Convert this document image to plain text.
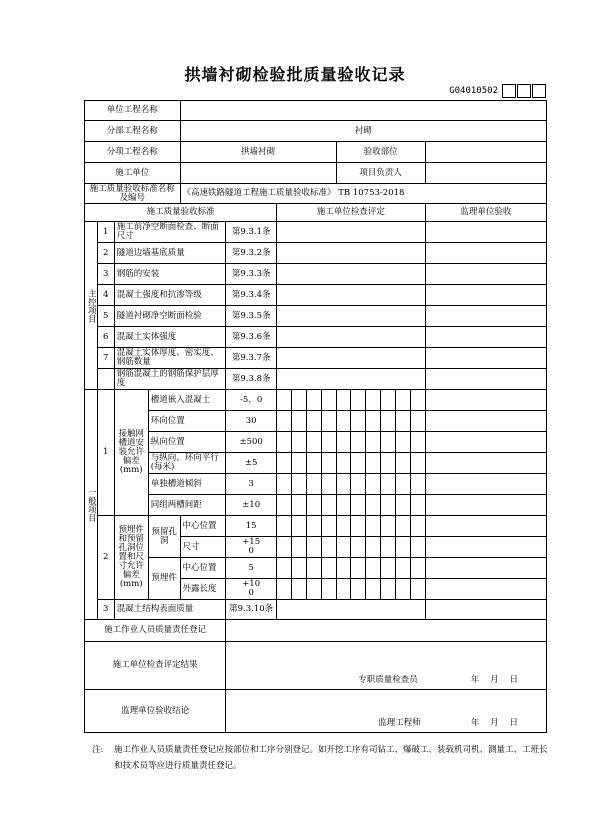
拱墙衬砌检验批质量验收记录
G04010502
单位工程名称																
分部工程名称				衬砌												
分项工程名称				拱墙衬砌						验收部位						
施工单位										项目负责人						
施工质量验收标准名称及编号				《高速铁路隧道工程施工质量验收标准》 TB 10753-2018												
施工质量验收标准						施工单位检查评定										监理单位验收
主控项目	1	施工前净空断面检查、断面尺寸			第9.3.1条											
	2	隧道边墙基底质量			第9.3.2条											
	3	钢筋的安装			第9.3.3条											
	4	混凝土强度和抗渗等级			第9.3.4条											
	5	隧道衬砌净空断面检验			第9.3.5条											
	6	混凝土实体强度			第9.3.6条											
	7	混凝土实体厚度、密实度、钢筋数量			第9.3.7条											
		钢筋混凝土的钢筋保护层厚度			第9.3.8条											
一般项目	1	接触网槽道安装允许偏差(mm)	槽道嵌入混凝土		-5，0											
			环向位置		30											
			纵向位置		±500											
			与纵向、环向平行(每米)		±5											
			单独槽道倾斜		3											
			同组两槽间距		±10											
	2	预埋件和预留孔洞位置和尺寸允许偏差(mm)	预留孔洞	中心位置	15

				尺寸	+15
0											
			预埋件	中心位置	5

				外露长度	+10
0											
	3	混凝土结构表面质量			第9.3.10条											
施工作业人员质量责任登记																
施工单位检查评定结果					专职质量检查员 年 月 日											

监理单位验收结论					监理工程师 年 月 日											
注: 施工作业人员质量责任登记应按部位和工序分别登记。如开挖工序有司钻工、爆破工、装载机司机、测量工、工班长和技术员等应进行质量责任登记。
